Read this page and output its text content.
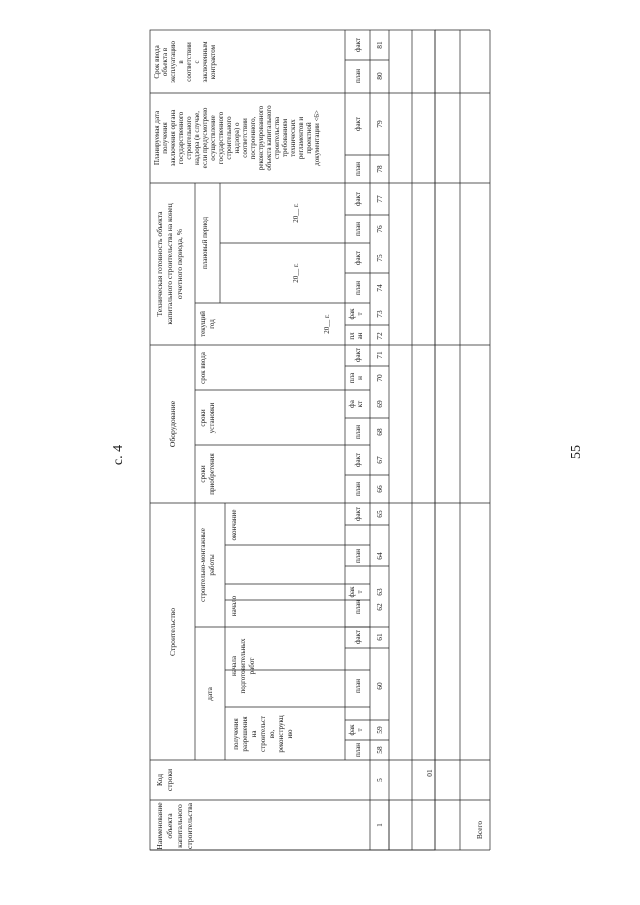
с. 4	55
Наименование объекта капитального строительства
Код строки
Строительство
дата
получения разрешения на строительст во, реконструкц ию
начала подготовительных работ
строительно-монтажные работы
начало
окончание
Оборудование
сроки приобретения
сроки установки
срок ввода
Техническая готовность объекта капитального строительства на конец отчетного периода, %
текущий год
плановый период
20__ г.
20__ г.
20__ г.
Планируемая дата получения заключения органа государственного строительного надзора (в случае, если предусмотрено осуществление государственного строительного надзора) о соответствии построенного, реконструированного объекта капитального строительства требованиям технических регламентов и проектной документации <6>
Срок ввода объекта в эксплуатацию в соответствии с заключенным контрактом
план
фак т
план
факт
план
фак т
план
факт
план
факт
план
фа кт
пла н
факт
пл ан
фак т
план
факт
план
факт
план
факт
план
факт
1
5
58
59
60
61
62
63
64
65
66
67
68
69
70
71
72
73
74
75
76
77
78
79
80
81
01
Всего
